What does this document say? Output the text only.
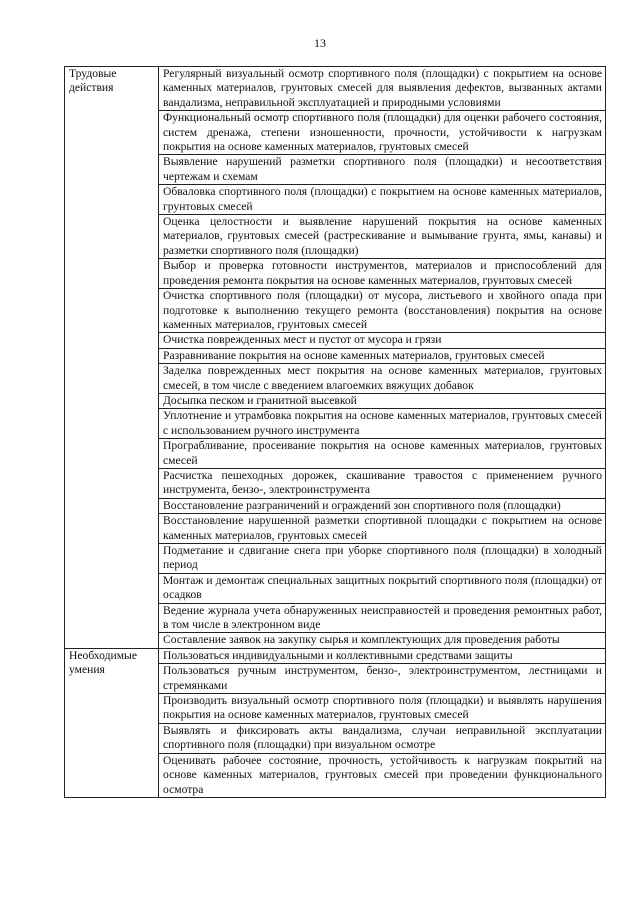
13
Трудовые действия	Регулярный визуальный осмотр спортивного поля (площадки) с покрытием на основе каменных материалов, грунтовых смесей для выявления дефектов, вызванных актами вандализма, неправильной эксплуатацией и природными условиями
	Функциональный осмотр спортивного поля (площадки) для оценки рабочего состояния, систем дренажа, степени изношенности, прочности, устойчивости к нагрузкам покрытия на основе каменных материалов, грунтовых смесей
	Выявление нарушений разметки спортивного поля (площадки) и несоответствия чертежам и схемам
	Обваловка спортивного поля (площадки) с покрытием на основе каменных материалов, грунтовых смесей
	Оценка целостности и выявление нарушений покрытия на основе каменных материалов, грунтовых смесей (растрескивание и вымывание грунта, ямы, канавы) и разметки спортивного поля (площадки)
	Выбор и проверка готовности инструментов, материалов и приспособлений для проведения ремонта покрытия на основе каменных материалов, грунтовых смесей
	Очистка спортивного поля (площадки) от мусора, листьевого и хвойного опада при подготовке к выполнению текущего ремонта (восстановления) покрытия на основе каменных материалов, грунтовых смесей
	Очистка поврежденных мест и пустот от мусора и грязи
	Разравнивание покрытия на основе каменных материалов, грунтовых смесей
	Заделка поврежденных мест покрытия на основе каменных материалов, грунтовых смесей, в том числе с введением влагоемких вяжущих добавок
	Досыпка песком и гранитной высевкой
	Уплотнение и утрамбовка покрытия на основе каменных материалов, грунтовых смесей с использованием ручного инструмента
	Програбливание, просеивание покрытия на основе каменных материалов, грунтовых смесей
	Расчистка пешеходных дорожек, скашивание травостоя с применением ручного инструмента, бензо-, электроинструмента
	Восстановление разграничений и ограждений зон спортивного поля (площадки)
	Восстановление нарушенной разметки спортивной площадки с покрытием на основе каменных материалов, грунтовых смесей
	Подметание и сдвигание снега при уборке спортивного поля (площадки) в холодный период
	Монтаж и демонтаж специальных защитных покрытий спортивного поля (площадки) от осадков
	Ведение журнала учета обнаруженных неисправностей и проведения ремонтных работ, в том числе в электронном виде
	Составление заявок на закупку сырья и комплектующих для проведения работы
Необходимые умения	Пользоваться индивидуальными и коллективными средствами защиты
	Пользоваться ручным инструментом, бензо-, электроинструментом, лестницами и стремянками
	Производить визуальный осмотр спортивного поля (площадки) и выявлять нарушения покрытия на основе каменных материалов, грунтовых смесей
	Выявлять и фиксировать акты вандализма, случаи неправильной эксплуатации спортивного поля (площадки) при визуальном осмотре
	Оценивать рабочее состояние, прочность, устойчивость к нагрузкам покрытий на основе каменных материалов, грунтовых смесей при проведении функционального осмотра
